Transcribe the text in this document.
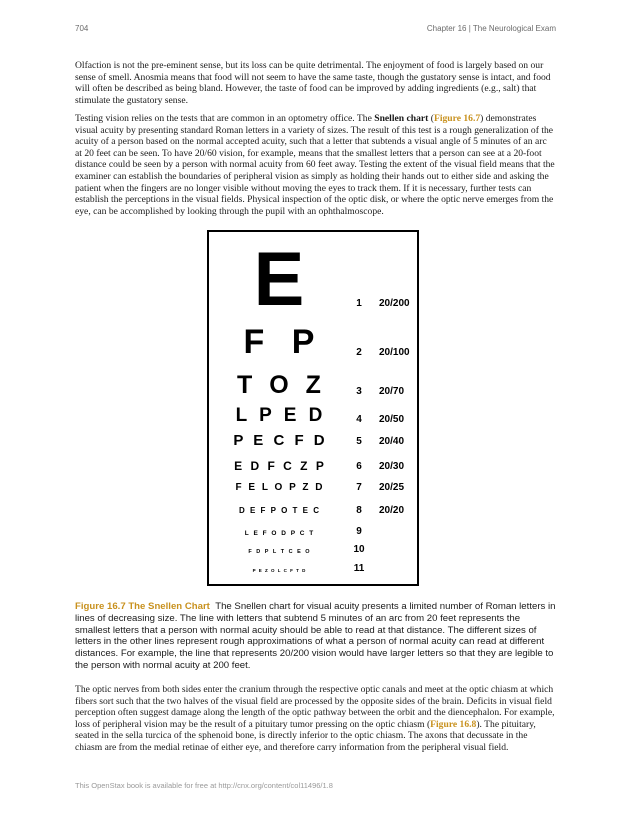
704	Chapter 16 | The Neurological Exam

Olfaction is not the pre-eminent sense, but its loss can be quite detrimental. The enjoyment of food is largely based on our sense of smell. Anosmia means that food will not seem to have the same taste, though the gustatory sense is intact, and food will often be described as being bland. However, the taste of food can be improved by adding ingredients (e.g., salt) that stimulate the gustatory sense.

Testing vision relies on the tests that are common in an optometry office. The Snellen chart (Figure 16.7) demonstrates visual acuity by presenting standard Roman letters in a variety of sizes. The result of this test is a rough generalization of the acuity of a person based on the normal accepted acuity, such that a letter that subtends a visual angle of 5 minutes of an arc at 20 feet can be seen. To have 20/60 vision, for example, means that the smallest letters that a person can see at a 20-foot distance could be seen by a person with normal acuity from 60 feet away. Testing the extent of the visual field means that the examiner can establish the boundaries of peripheral vision as simply as holding their hands out to either side and asking the patient when the fingers are no longer visible without moving the eyes to track them. If it is necessary, further tests can establish the perceptions in the visual fields. Physical inspection of the optic disk, or where the optic nerve emerges from the eye, can be accomplished by looking through the pupil with an ophthalmoscope.

E	1	20/200
F P	2	20/100
T O Z	3	20/70
L P E D	4	20/50
P E C F D	5	20/40
E D F C Z P	6	20/30
F E L O P Z D	7	20/25
D E F P O T E C	8	20/20
L E F O D P C T	9
F D P L T C E O	10
P E Z O L C F T D	11

Figure 16.7 The Snellen Chart The Snellen chart for visual acuity presents a limited number of Roman letters in lines of decreasing size. The line with letters that subtend 5 minutes of an arc from 20 feet represents the smallest letters that a person with normal acuity should be able to read at that distance. The different sizes of letters in the other lines represent rough approximations of what a person of normal acuity can read at different distances. For example, the line that represents 20/200 vision would have larger letters so that they are legible to the person with normal acuity at 200 feet.

The optic nerves from both sides enter the cranium through the respective optic canals and meet at the optic chiasm at which fibers sort such that the two halves of the visual field are processed by the opposite sides of the brain. Deficits in visual field perception often suggest damage along the length of the optic pathway between the orbit and the diencephalon. For example, loss of peripheral vision may be the result of a pituitary tumor pressing on the optic chiasm (Figure 16.8). The pituitary, seated in the sella turcica of the sphenoid bone, is directly inferior to the optic chiasm. The axons that decussate in the chiasm are from the medial retinae of either eye, and therefore carry information from the peripheral visual field.

This OpenStax book is available for free at http://cnx.org/content/col11496/1.8
